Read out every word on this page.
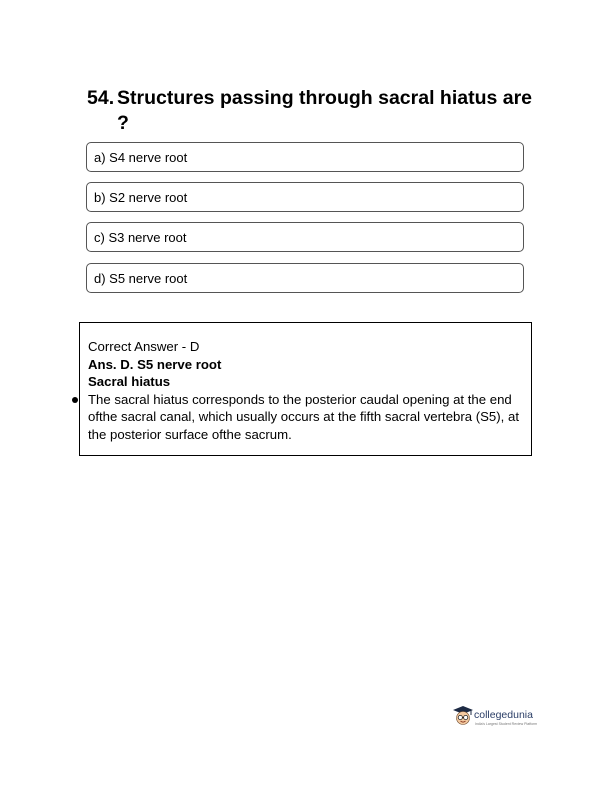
54. Structures passing through sacral hiatus are ?
a) S4 nerve root
b) S2 nerve root
c) S3 nerve root
d) S5 nerve root
Correct Answer - D
Ans. D. S5 nerve root
Sacral hiatus
The sacral hiatus corresponds to the posterior caudal opening at the end ofthe sacral canal, which usually occurs at the fifth sacral vertebra (S5), at the posterior surface ofthe sacrum.
collegedunia
India's Largest Student Review Platform
